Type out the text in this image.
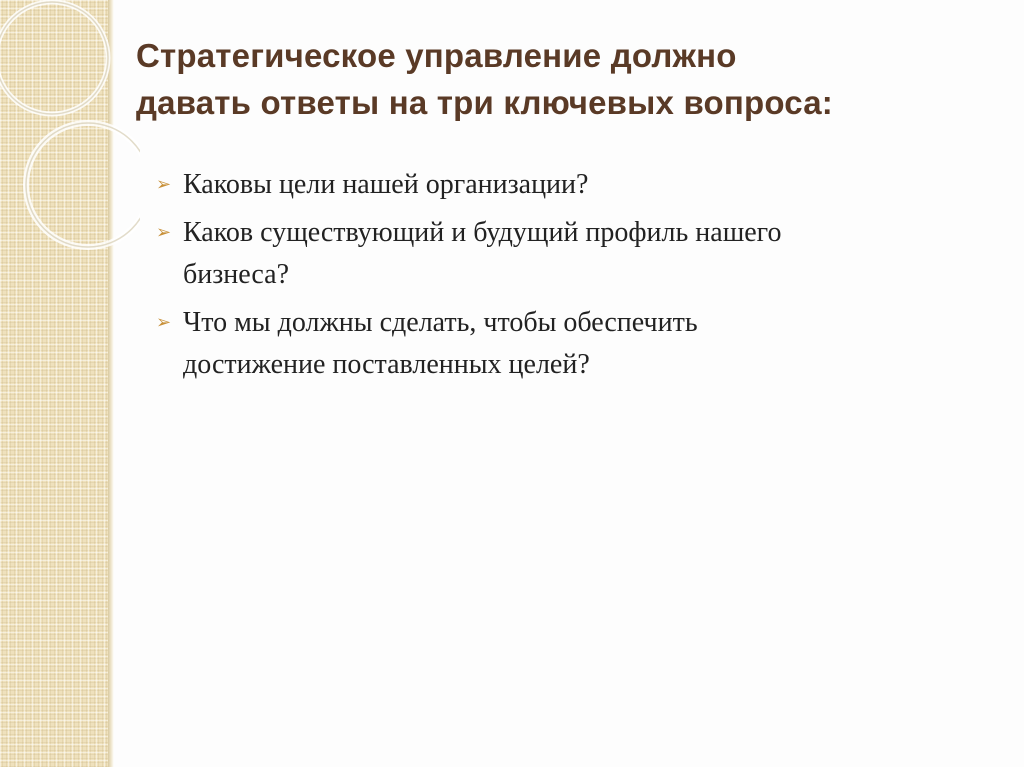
Стратегическое управление должно
давать ответы на три ключевых вопроса:
➢ Каковы цели нашей организации?
➢ Каков существующий и будущий профиль нашего
бизнеса?
➢ Что мы должны сделать, чтобы обеспечить
достижение поставленных целей?
